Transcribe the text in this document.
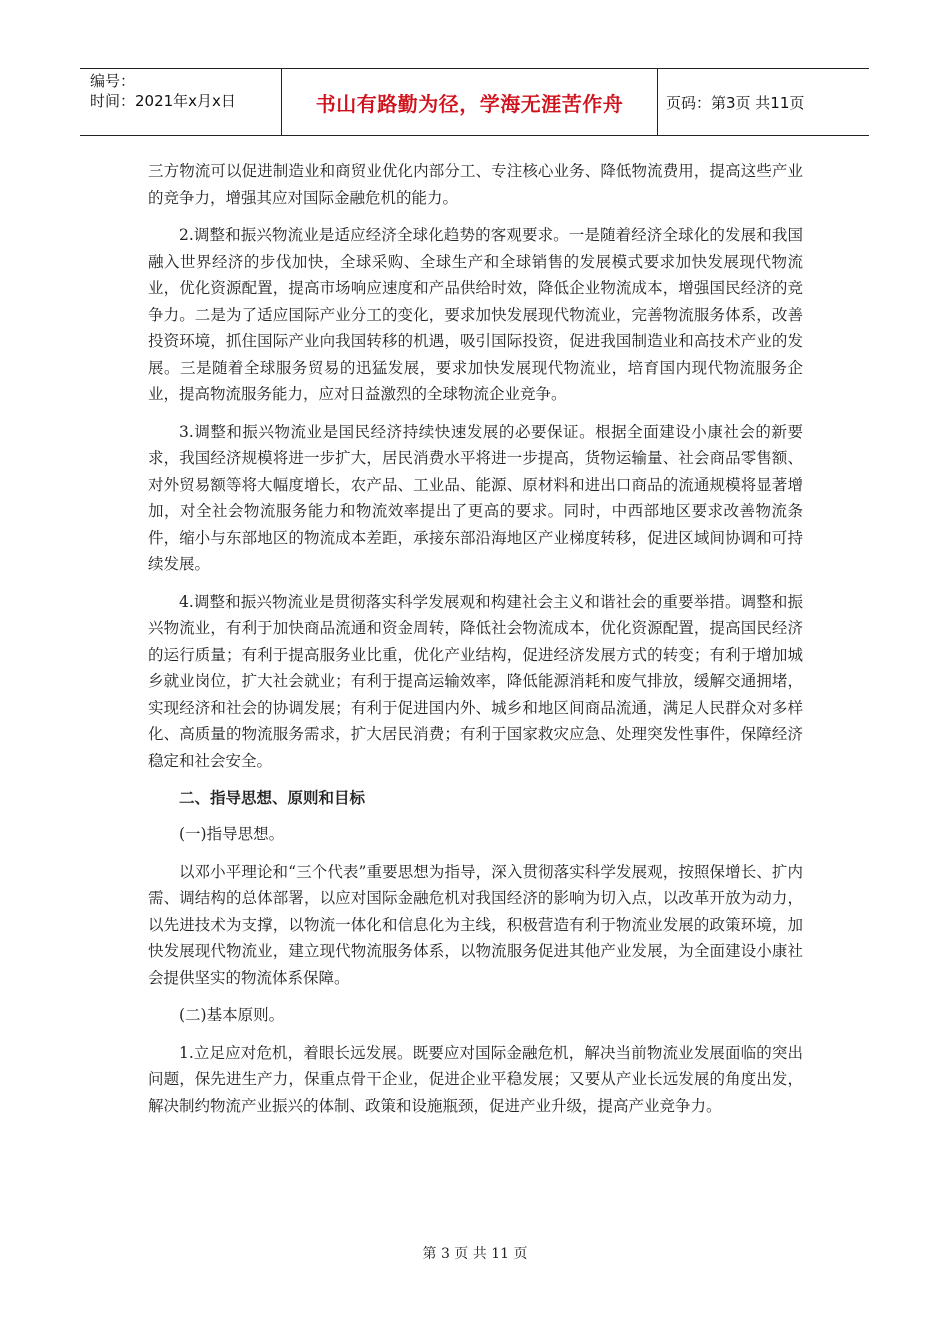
编号：
时间：2021年x月x日	书山有路勤为径，学海无涯苦作舟	页码：第3页 共11页

三方物流可以促进制造业和商贸业优化内部分工、专注核心业务、降低物流费用，提高这些产业的竞争力，增强其应对国际金融危机的能力。

2.调整和振兴物流业是适应经济全球化趋势的客观要求。一是随着经济全球化的发展和我国融入世界经济的步伐加快，全球采购、全球生产和全球销售的发展模式要求加快发展现代物流业，优化资源配置，提高市场响应速度和产品供给时效，降低企业物流成本，增强国民经济的竞争力。二是为了适应国际产业分工的变化，要求加快发展现代物流业，完善物流服务体系，改善投资环境，抓住国际产业向我国转移的机遇，吸引国际投资，促进我国制造业和高技术产业的发展。三是随着全球服务贸易的迅猛发展，要求加快发展现代物流业，培育国内现代物流服务企业，提高物流服务能力，应对日益激烈的全球物流企业竞争。

3.调整和振兴物流业是国民经济持续快速发展的必要保证。根据全面建设小康社会的新要求，我国经济规模将进一步扩大，居民消费水平将进一步提高，货物运输量、社会商品零售额、对外贸易额等将大幅度增长，农产品、工业品、能源、原材料和进出口商品的流通规模将显著增加，对全社会物流服务能力和物流效率提出了更高的要求。同时，中西部地区要求改善物流条件，缩小与东部地区的物流成本差距，承接东部沿海地区产业梯度转移，促进区域间协调和可持续发展。

4.调整和振兴物流业是贯彻落实科学发展观和构建社会主义和谐社会的重要举措。调整和振兴物流业，有利于加快商品流通和资金周转，降低社会物流成本，优化资源配置，提高国民经济的运行质量；有利于提高服务业比重，优化产业结构，促进经济发展方式的转变；有利于增加城乡就业岗位，扩大社会就业；有利于提高运输效率，降低能源消耗和废气排放，缓解交通拥堵，实现经济和社会的协调发展；有利于促进国内外、城乡和地区间商品流通，满足人民群众对多样化、高质量的物流服务需求，扩大居民消费；有利于国家救灾应急、处理突发性事件，保障经济稳定和社会安全。

二、指导思想、原则和目标

(一)指导思想。

以邓小平理论和“三个代表”重要思想为指导，深入贯彻落实科学发展观，按照保增长、扩内需、调结构的总体部署，以应对国际金融危机对我国经济的影响为切入点，以改革开放为动力，以先进技术为支撑，以物流一体化和信息化为主线，积极营造有利于物流业发展的政策环境，加快发展现代物流业，建立现代物流服务体系，以物流服务促进其他产业发展，为全面建设小康社会提供坚实的物流体系保障。

(二)基本原则。

1.立足应对危机，着眼长远发展。既要应对国际金融危机，解决当前物流业发展面临的突出问题，保先进生产力，保重点骨干企业，促进企业平稳发展；又要从产业长远发展的角度出发，解决制约物流产业振兴的体制、政策和设施瓶颈，促进产业升级，提高产业竞争力。

第 3 页 共 11 页
